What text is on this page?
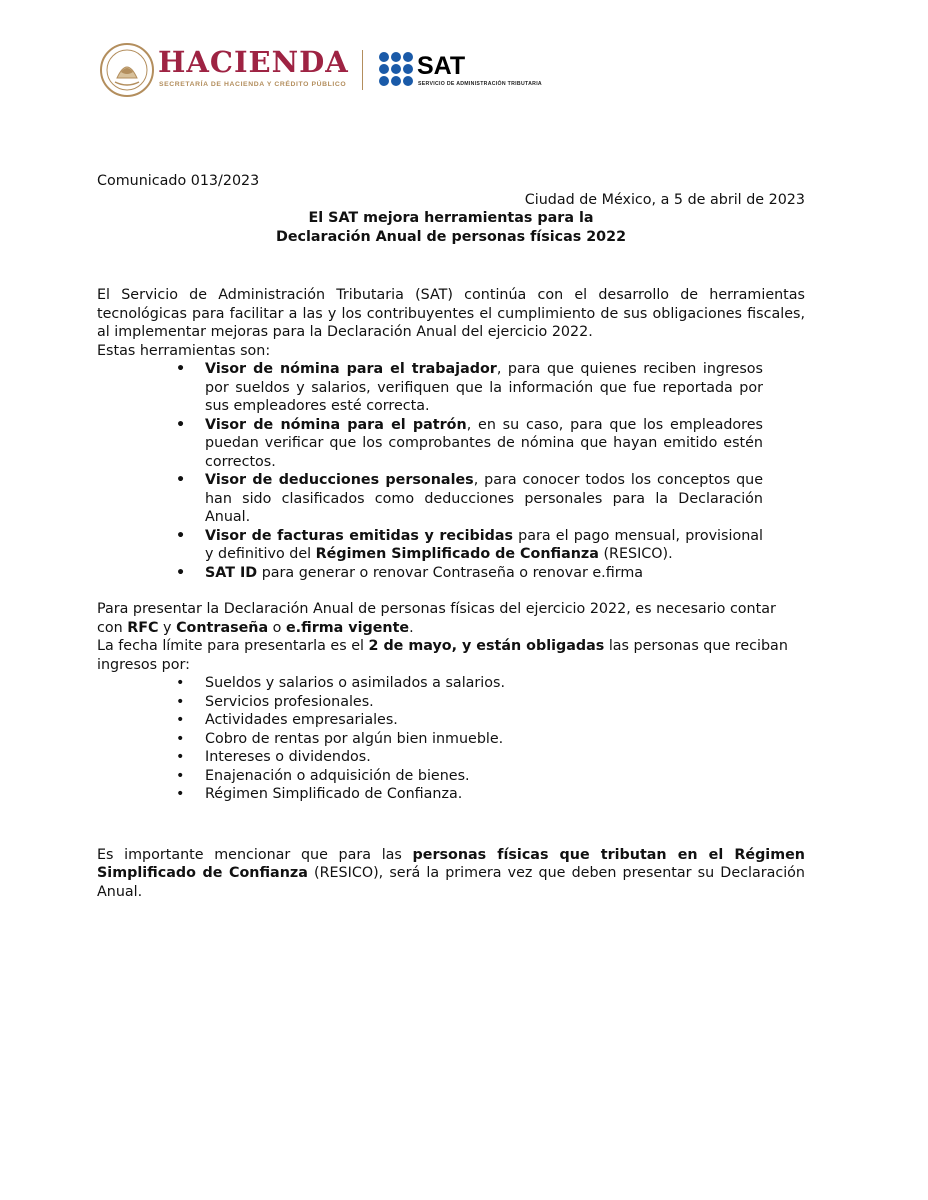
HACIENDA
SECRETARÍA DE HACIENDA Y CRÉDITO PÚBLICO
SAT
SERVICIO DE ADMINISTRACIÓN TRIBUTARIA

Comunicado 013/2023

Ciudad de México, a 5 de abril de 2023

El SAT mejora herramientas para la
Declaración Anual de personas físicas 2022

El Servicio de Administración Tributaria (SAT) continúa con el desarrollo de herramientas tecnológicas para facilitar a las y los contribuyentes el cumplimiento de sus obligaciones fiscales, al implementar mejoras para la Declaración Anual del ejercicio 2022.

Estas herramientas son:

• Visor de nómina para el trabajador, para que quienes reciben ingresos por sueldos y salarios, verifiquen que la información que fue reportada por sus empleadores esté correcta.
• Visor de nómina para el patrón, en su caso, para que los empleadores puedan verificar que los comprobantes de nómina que hayan emitido estén correctos.
• Visor de deducciones personales, para conocer todos los conceptos que han sido clasificados como deducciones personales para la Declaración Anual.
• Visor de facturas emitidas y recibidas para el pago mensual, provisional y definitivo del Régimen Simplificado de Confianza (RESICO).
• SAT ID para generar o renovar Contraseña o renovar e.firma

Para presentar la Declaración Anual de personas físicas del ejercicio 2022, es necesario contar con RFC y Contraseña o e.firma vigente.

La fecha límite para presentarla es el 2 de mayo, y están obligadas las personas que reciban ingresos por:

• Sueldos y salarios o asimilados a salarios.
• Servicios profesionales.
• Actividades empresariales.
• Cobro de rentas por algún bien inmueble.
• Intereses o dividendos.
• Enajenación o adquisición de bienes.
• Régimen Simplificado de Confianza.

Es importante mencionar que para las personas físicas que tributan en el Régimen Simplificado de Confianza (RESICO), será la primera vez que deben presentar su Declaración Anual.
